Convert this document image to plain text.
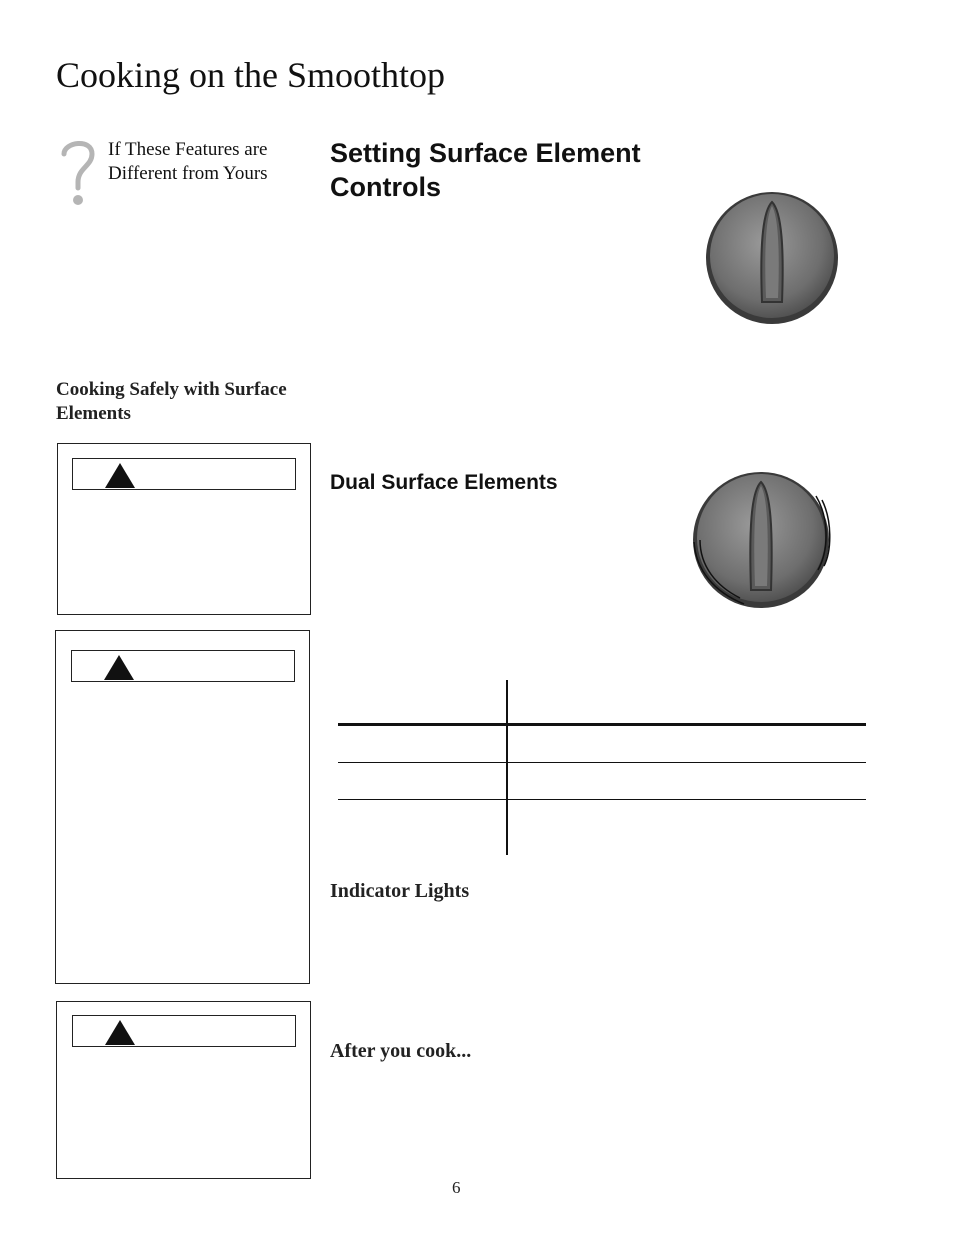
Cooking on the Smoothtop
If These Features are Different from Yours
Setting Surface Element Controls
Cooking Safely with Surface Elements
Dual Surface Elements
Indicator Lights
After you cook...
6
